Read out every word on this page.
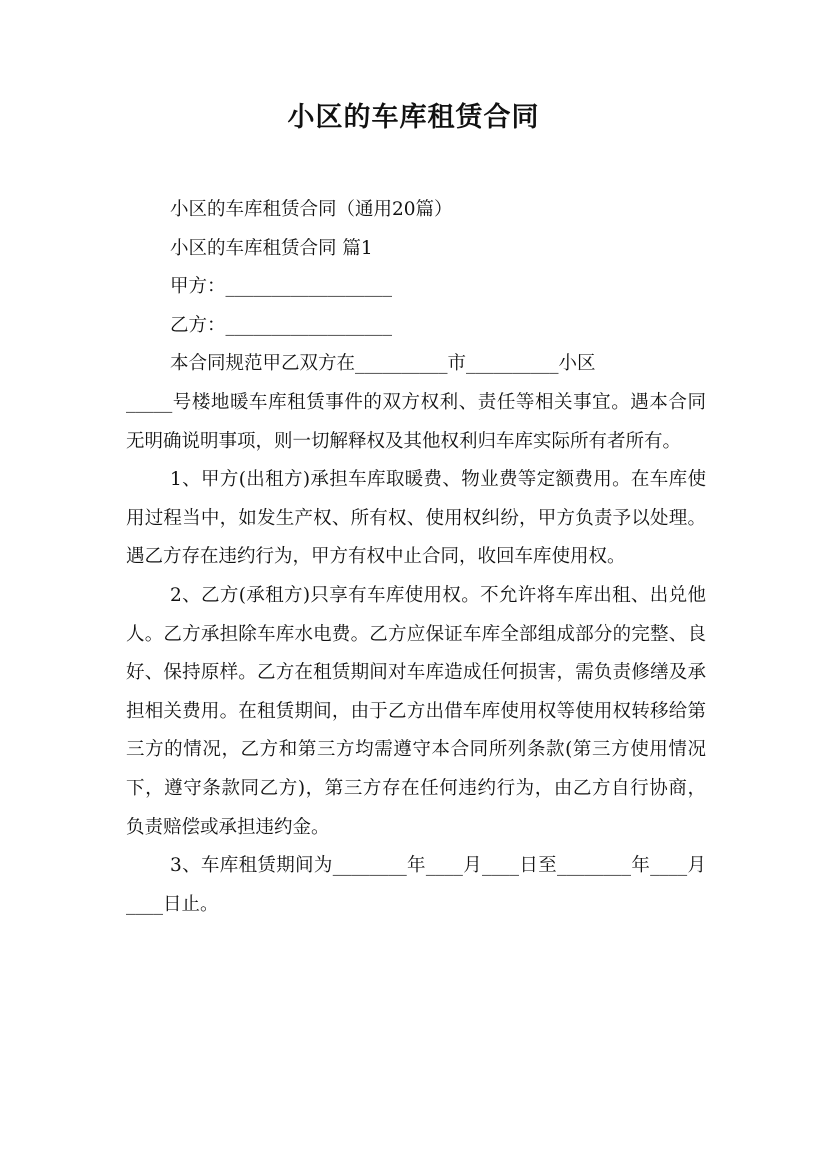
小区的车库租赁合同
小区的车库租赁合同（通用20篇）
小区的车库租赁合同 篇1
甲方：__________________
乙方：__________________
本合同规范甲乙双方在__________市__________小区

_____号楼地暖车库租赁事件的双方权利、责任等相关事宜。遇本合同无明确说明事项，则一切解释权及其他权利归车库实际所有者所有。

1、甲方(出租方)承担车库取暖费、物业费等定额费用。在车库使用过程当中，如发生产权、所有权、使用权纠纷，甲方负责予以处理。遇乙方存在违约行为，甲方有权中止合同，收回车库使用权。

2、乙方(承租方)只享有车库使用权。不允许将车库出租、出兑他人。乙方承担除车库水电费。乙方应保证车库全部组成部分的完整、良好、保持原样。乙方在租赁期间对车库造成任何损害，需负责修缮及承担相关费用。在租赁期间，由于乙方出借车库使用权等使用权转移给第三方的情况，乙方和第三方均需遵守本合同所列条款(第三方使用情况下，遵守条款同乙方)，第三方存在任何违约行为，由乙方自行协商，负责赔偿或承担违约金。

3、车库租赁期间为________年____月____日至________年____月____日止。
